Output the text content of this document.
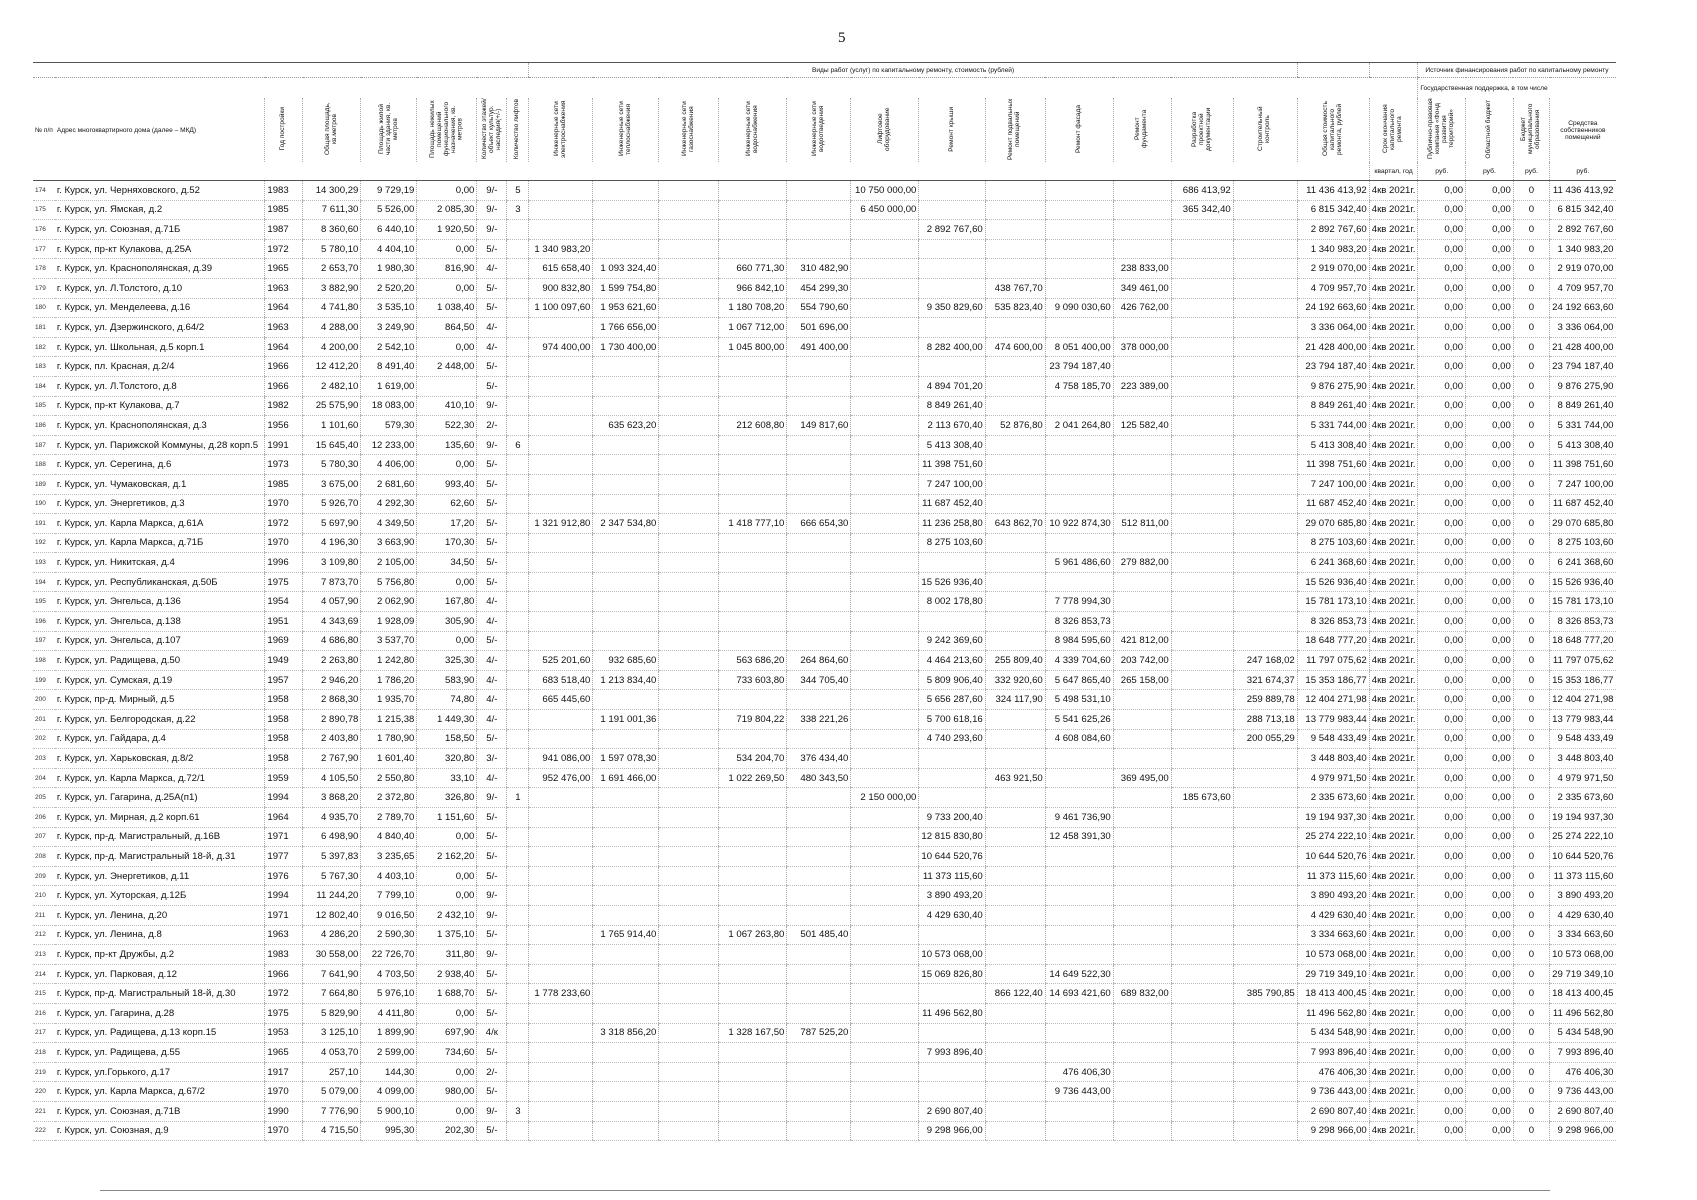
5
								Виды работ (услуг) по капитальному ремонту, стоимость (рублей)														Источник финансирования работ по капитальному ремонту			
																						Государственная поддержка, в том числе			
№ п/п	Адрес многоквартирного дома (далее – МКД)	Год постройки	Общая площадь, кв.метров	Площадь жилой части здания, кв. метров	Площадь нежилых помещений функционального назначения, кв. метров	Количество этажей/объект культур. наследия(+/-)	Количество лифтов	Инженерные сети электроснабжения	Инженерные сети теплоснабжения	Инженерные сети газоснабжения	Инженерные сети водоснабжения	Инженерные сети водоотведения	Лифтовое оборудование	Ремонт крыши	Ремонт подвальных помещений	Ремонт фасада	Ремонт фундамента	Разработка проектной документации	Строительный контроль	Общая стоимость капитального ремонта, рублей	Срок окончания капитального ремонта	Публично-правовая компания «Фонд развития территорий»	Областной бюджет	Бюджет муниципального образования	Средства собственников помещений
																					квартал, год	руб.	руб.	руб.	руб.
174	г. Курск, ул. Черняховского, д.52	1983	14 300,29	9 729,19	0,00	9/-	5						10 750 000,00					686 413,92		11 436 413,92	4кв 2021г.	0,00	0,00	0	11 436 413,92
175	г. Курск, ул. Ямская, д.2	1985	7 611,30	5 526,00	2 085,30	9/-	3						6 450 000,00					365 342,40		6 815 342,40	4кв 2021г.	0,00	0,00	0	6 815 342,40
176	г. Курск, ул. Союзная, д.71Б	1987	8 360,60	6 440,10	1 920,50	9/-								2 892 767,60						2 892 767,60	4кв 2021г.	0,00	0,00	0	2 892 767,60
177	г. Курск, пр-кт Кулакова, д.25А	1972	5 780,10	4 404,10	0,00	5/-		1 340 983,20												1 340 983,20	4кв 2021г.	0,00	0,00	0	1 340 983,20
178	г. Курск, ул. Краснополянская, д.39	1965	2 653,70	1 980,30	816,90	4/-		615 658,40	1 093 324,40		660 771,30	310 482,90					238 833,00			2 919 070,00	4кв 2021г.	0,00	0,00	0	2 919 070,00
179	г. Курск, ул. Л.Толстого, д.10	1963	3 882,90	2 520,20	0,00	5/-		900 832,80	1 599 754,80		966 842,10	454 299,30			438 767,70		349 461,00			4 709 957,70	4кв 2021г.	0,00	0,00	0	4 709 957,70
180	г. Курск, ул. Менделеева, д.16	1964	4 741,80	3 535,10	1 038,40	5/-		1 100 097,60	1 953 621,60		1 180 708,20	554 790,60		9 350 829,60	535 823,40	9 090 030,60	426 762,00			24 192 663,60	4кв 2021г.	0,00	0,00	0	24 192 663,60
181	г. Курск, ул. Дзержинского, д.64/2	1963	4 288,00	3 249,90	864,50	4/-			1 766 656,00		1 067 712,00	501 696,00								3 336 064,00	4кв 2021г.	0,00	0,00	0	3 336 064,00
182	г. Курск, ул. Школьная, д.5 корп.1	1964	4 200,00	2 542,10	0,00	4/-		974 400,00	1 730 400,00		1 045 800,00	491 400,00		8 282 400,00	474 600,00	8 051 400,00	378 000,00			21 428 400,00	4кв 2021г.	0,00	0,00	0	21 428 400,00
183	г. Курск, пл. Красная, д.2/4	1966	12 412,20	8 491,40	2 448,00	5/-										23 794 187,40				23 794 187,40	4кв 2021г.	0,00	0,00	0	23 794 187,40
184	г. Курск, ул. Л.Толстого, д.8	1966	2 482,10	1 619,00		5/-								4 894 701,20		4 758 185,70	223 389,00			9 876 275,90	4кв 2021г.	0,00	0,00	0	9 876 275,90
185	г. Курск, пр-кт Кулакова, д.7	1982	25 575,90	18 083,00	410,10	9/-								8 849 261,40						8 849 261,40	4кв 2021г.	0,00	0,00	0	8 849 261,40
186	г. Курск, ул. Краснополянская, д.3	1956	1 101,60	579,30	522,30	2/-			635 623,20		212 608,80	149 817,60		2 113 670,40	52 876,80	2 041 264,80	125 582,40			5 331 744,00	4кв 2021г.	0,00	0,00	0	5 331 744,00
187	г. Курск, ул. Парижской Коммуны, д.28 корп.5	1991	15 645,40	12 233,00	135,60	9/-	6							5 413 308,40						5 413 308,40	4кв 2021г.	0,00	0,00	0	5 413 308,40
188	г. Курск, ул. Серегина, д.6	1973	5 780,30	4 406,00	0,00	5/-								11 398 751,60						11 398 751,60	4кв 2021г.	0,00	0,00	0	11 398 751,60
189	г. Курск, ул. Чумаковская, д.1	1985	3 675,00	2 681,60	993,40	5/-								7 247 100,00						7 247 100,00	4кв 2021г.	0,00	0,00	0	7 247 100,00
190	г. Курск, ул. Энергетиков, д.3	1970	5 926,70	4 292,30	62,60	5/-								11 687 452,40						11 687 452,40	4кв 2021г.	0,00	0,00	0	11 687 452,40
191	г. Курск, ул. Карла Маркса, д.61А	1972	5 697,90	4 349,50	17,20	5/-		1 321 912,80	2 347 534,80		1 418 777,10	666 654,30		11 236 258,80	643 862,70	10 922 874,30	512 811,00			29 070 685,80	4кв 2021г.	0,00	0,00	0	29 070 685,80
192	г. Курск, ул. Карла Маркса, д.71Б	1970	4 196,30	3 663,90	170,30	5/-								8 275 103,60						8 275 103,60	4кв 2021г.	0,00	0,00	0	8 275 103,60
193	г. Курск, ул. Никитская, д.4	1996	3 109,80	2 105,00	34,50	5/-										5 961 486,60	279 882,00			6 241 368,60	4кв 2021г.	0,00	0,00	0	6 241 368,60
194	г. Курск, ул. Республиканская, д.50Б	1975	7 873,70	5 756,80	0,00	5/-								15 526 936,40						15 526 936,40	4кв 2021г.	0,00	0,00	0	15 526 936,40
195	г. Курск, ул. Энгельса, д.136	1954	4 057,90	2 062,90	167,80	4/-								8 002 178,80		7 778 994,30				15 781 173,10	4кв 2021г.	0,00	0,00	0	15 781 173,10
196	г. Курск, ул. Энгельса, д.138	1951	4 343,69	1 928,09	305,90	4/-										8 326 853,73				8 326 853,73	4кв 2021г.	0,00	0,00	0	8 326 853,73
197	г. Курск, ул. Энгельса, д.107	1969	4 686,80	3 537,70	0,00	5/-								9 242 369,60		8 984 595,60	421 812,00			18 648 777,20	4кв 2021г.	0,00	0,00	0	18 648 777,20
198	г. Курск, ул. Радищева, д.50	1949	2 263,80	1 242,80	325,30	4/-		525 201,60	932 685,60		563 686,20	264 864,60		4 464 213,60	255 809,40	4 339 704,60	203 742,00		247 168,02	11 797 075,62	4кв 2021г.	0,00	0,00	0	11 797 075,62
199	г. Курск, ул. Сумская, д.19	1957	2 946,20	1 786,20	583,90	4/-		683 518,40	1 213 834,40		733 603,80	344 705,40		5 809 906,40	332 920,60	5 647 865,40	265 158,00		321 674,37	15 353 186,77	4кв 2021г.	0,00	0,00	0	15 353 186,77
200	г. Курск, пр-д. Мирный, д.5	1958	2 868,30	1 935,70	74,80	4/-		665 445,60						5 656 287,60	324 117,90	5 498 531,10			259 889,78	12 404 271,98	4кв 2021г.	0,00	0,00	0	12 404 271,98
201	г. Курск, ул. Белгородская, д.22	1958	2 890,78	1 215,38	1 449,30	4/-			1 191 001,36		719 804,22	338 221,26		5 700 618,16		5 541 625,26			288 713,18	13 779 983,44	4кв 2021г.	0,00	0,00	0	13 779 983,44
202	г. Курск, ул. Гайдара, д.4	1958	2 403,80	1 780,90	158,50	5/-								4 740 293,60		4 608 084,60			200 055,29	9 548 433,49	4кв 2021г.	0,00	0,00	0	9 548 433,49
203	г. Курск, ул. Харьковская, д.8/2	1958	2 767,90	1 601,40	320,80	3/-		941 086,00	1 597 078,30		534 204,70	376 434,40								3 448 803,40	4кв 2021г.	0,00	0,00	0	3 448 803,40
204	г. Курск, ул. Карла Маркса, д.72/1	1959	4 105,50	2 550,80	33,10	4/-		952 476,00	1 691 466,00		1 022 269,50	480 343,50			463 921,50		369 495,00			4 979 971,50	4кв 2021г.	0,00	0,00	0	4 979 971,50
205	г. Курск, ул. Гагарина, д.25А(п1)	1994	3 868,20	2 372,80	326,80	9/-	1						2 150 000,00					185 673,60		2 335 673,60	4кв 2021г.	0,00	0,00	0	2 335 673,60
206	г. Курск, ул. Мирная, д.2 корп.61	1964	4 935,70	2 789,70	1 151,60	5/-								9 733 200,40		9 461 736,90				19 194 937,30	4кв 2021г.	0,00	0,00	0	19 194 937,30
207	г. Курск, пр-д. Магистральный, д.16В	1971	6 498,90	4 840,40	0,00	5/-								12 815 830,80		12 458 391,30				25 274 222,10	4кв 2021г.	0,00	0,00	0	25 274 222,10
208	г. Курск, пр-д. Магистральный 18-й, д.31	1977	5 397,83	3 235,65	2 162,20	5/-								10 644 520,76						10 644 520,76	4кв 2021г.	0,00	0,00	0	10 644 520,76
209	г. Курск, ул. Энергетиков, д.11	1976	5 767,30	4 403,10	0,00	5/-								11 373 115,60						11 373 115,60	4кв 2021г.	0,00	0,00	0	11 373 115,60
210	г. Курск, ул. Хуторская, д.12Б	1994	11 244,20	7 799,10	0,00	9/-								3 890 493,20						3 890 493,20	4кв 2021г.	0,00	0,00	0	3 890 493,20
211	г. Курск, ул. Ленина, д.20	1971	12 802,40	9 016,50	2 432,10	9/-								4 429 630,40						4 429 630,40	4кв 2021г.	0,00	0,00	0	4 429 630,40
212	г. Курск, ул. Ленина, д.8	1963	4 286,20	2 590,30	1 375,10	5/-			1 765 914,40		1 067 263,80	501 485,40								3 334 663,60	4кв 2021г.	0,00	0,00	0	3 334 663,60
213	г. Курск, пр-кт Дружбы, д.2	1983	30 558,00	22 726,70	311,80	9/-								10 573 068,00						10 573 068,00	4кв 2021г.	0,00	0,00	0	10 573 068,00
214	г. Курск, ул. Парковая, д.12	1966	7 641,90	4 703,50	2 938,40	5/-								15 069 826,80		14 649 522,30				29 719 349,10	4кв 2021г.	0,00	0,00	0	29 719 349,10
215	г. Курск, пр-д. Магистральный 18-й, д.30	1972	7 664,80	5 976,10	1 688,70	5/-		1 778 233,60							866 122,40	14 693 421,60	689 832,00		385 790,85	18 413 400,45	4кв 2021г.	0,00	0,00	0	18 413 400,45
216	г. Курск, ул. Гагарина, д.28	1975	5 829,90	4 411,80	0,00	5/-								11 496 562,80						11 496 562,80	4кв 2021г.	0,00	0,00	0	11 496 562,80
217	г. Курск, ул. Радищева, д.13 корп.15	1953	3 125,10	1 899,90	697,90	4/к			3 318 856,20		1 328 167,50	787 525,20								5 434 548,90	4кв 2021г.	0,00	0,00	0	5 434 548,90
218	г. Курск, ул. Радищева, д.55	1965	4 053,70	2 599,00	734,60	5/-								7 993 896,40						7 993 896,40	4кв 2021г.	0,00	0,00	0	7 993 896,40
219	г. Курск, ул.Горького, д.17	1917	257,10	144,30	0,00	2/-										476 406,30				476 406,30	4кв 2021г.	0,00	0,00	0	476 406,30
220	г. Курск, ул. Карла Маркса, д.67/2	1970	5 079,00	4 099,00	980,00	5/-										9 736 443,00				9 736 443,00	4кв 2021г.	0,00	0,00	0	9 736 443,00
221	г. Курск, ул. Союзная, д.71В	1990	7 776,90	5 900,10	0,00	9/-	3							2 690 807,40						2 690 807,40	4кв 2021г.	0,00	0,00	0	2 690 807,40
222	г. Курск, ул. Союзная, д.9	1970	4 715,50	995,30	202,30	5/-								9 298 966,00						9 298 966,00	4кв 2021г.	0,00	0,00	0	9 298 966,00
